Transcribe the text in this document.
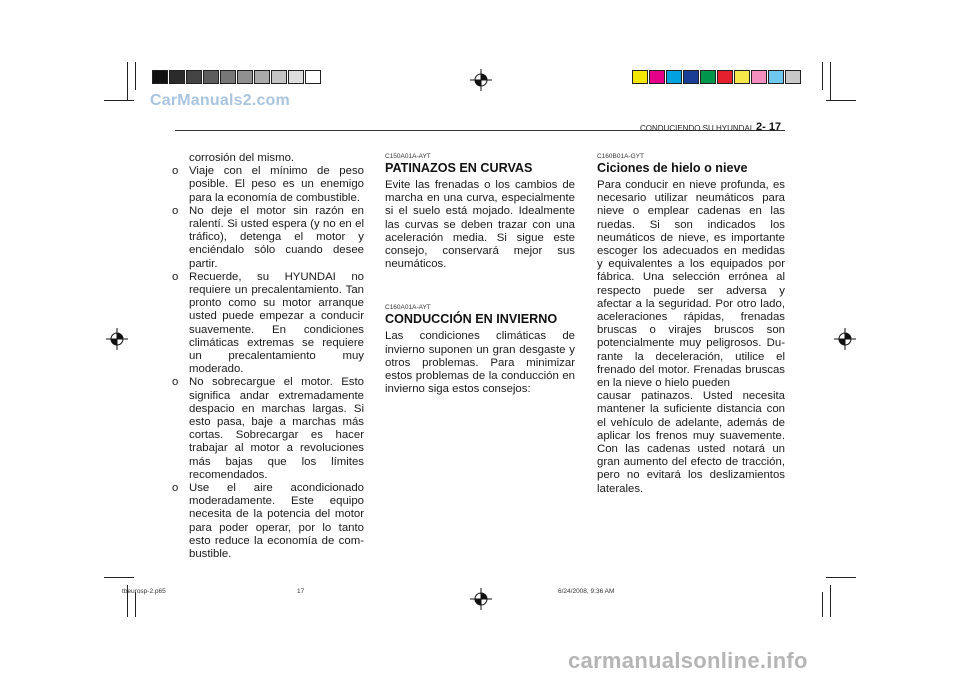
CarManuals2.com
CONDUCIENDO SU HYUNDAI 2- 17
corrosión del mismo.
o Viaje con el mínimo de peso posible. El peso es un enemigo para la economía de combustible.
o No deje el motor sin razón en ralentí. Si usted espera (y no en el tráfico), detenga el motor y enciéndalo sólo cuando desee partir.
o Recuerde, su HYUNDAI no requiere un precalentamiento. Tan pronto como su motor arranque usted puede empezar a conducir suavemente. En condiciones climáticas extremas se requiere un precalentamiento muy moderado.
o No sobrecargue el motor. Esto significa andar extremadamente despacio en marchas largas. Si esto pasa, baje a marchas más cortas. Sobrecargar es hacer trabajar al motor a revoluciones más bajas que los límites recomendados.
o Use el aire acondicionado moderadamente. Este equipo necesita de la potencia del motor para poder operar, por lo tanto esto reduce la economía de com-bustible.
C150A01A-AYT
PATINAZOS EN CURVAS
Evite las frenadas o los cambios de marcha en una curva, especialmente si el suelo está mojado. Idealmente las curvas se deben trazar con una aceleración media. Si sigue este consejo, conservará mejor sus neumáticos.
C160A01A-AYT
CONDUCCIÓN EN INVIERNO
Las condiciones climáticas de invierno suponen un gran desgaste y otros problemas. Para minimizar estos problemas de la conducción en invierno siga estos consejos:
C160B01A-GYT
Ciciones de hielo o nieve
Para conducir en nieve profunda, es necesario utilizar neumáticos para nieve o emplear cadenas en las ruedas. Si son indicados los neumáticos de nieve, es importante escoger los adecuados en medidas y equivalentes a los equipados por fábrica. Una selección errónea al respecto puede ser adversa y afectar a la seguridad. Por otro lado, aceleraciones rápidas, frenadas bruscas o virajes bruscos son potencialmente muy peligrosos. Du-rante la deceleración, utilice el frenado del motor. Frenadas bruscas en la nieve o hielo pueden
causar patinazos. Usted necesita mantener la suficiente distancia con el vehículo de adelante, además de aplicar los frenos muy suavemente. Con las cadenas usted notará un gran aumento del efecto de tracción, pero no evitará los deslizamientos laterales.
tbeurosp-2.p65	17	6/24/2008, 9:36 AM
carmanualsonline.info
